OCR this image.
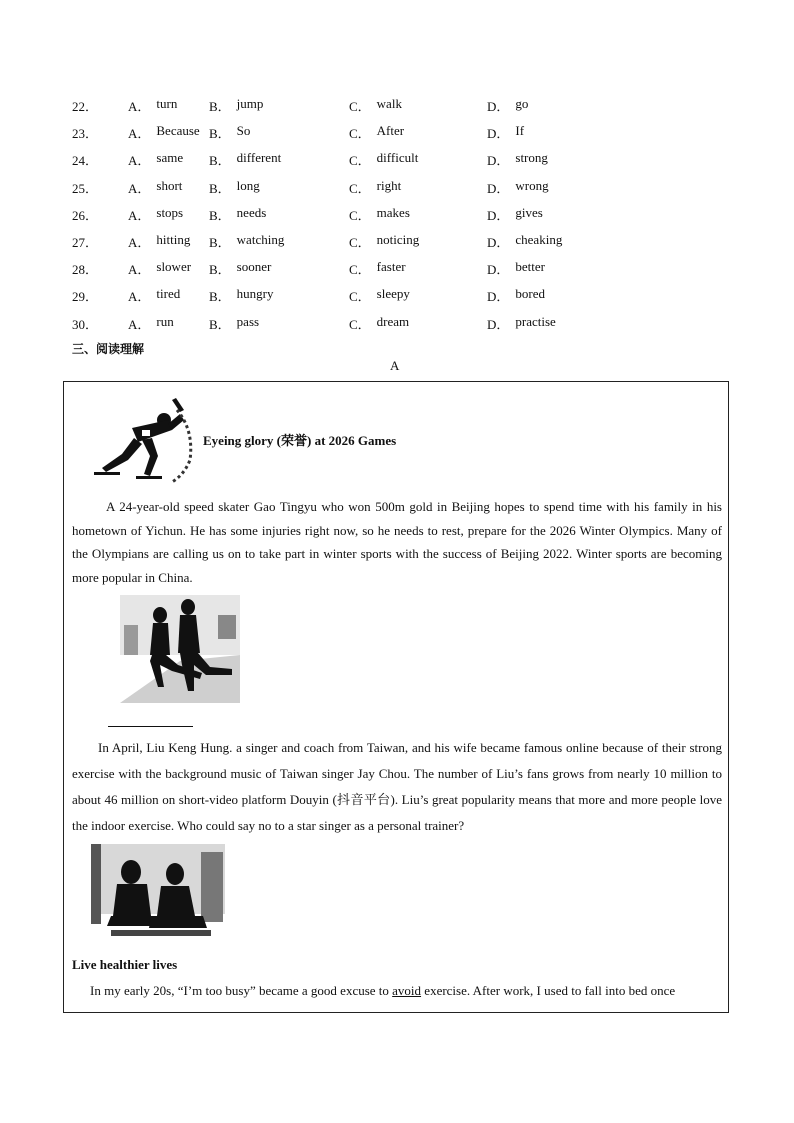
22．	A． turn B． jump	C． walk	D． go
23．	A． Because B． So	C． After	D． If
24．	A． same B． different	C． difficult	D． strong
25．	A． short B． long	C． right	D． wrong
26．	A． stops B． needs	C． makes	D． gives
27．	A． hitting B． watching	C． noticing	D． cheaking
28．	A． slower B． sooner	C． faster	D． better
29．	A． tired B． hungry	C． sleepy	D． bored
30．	A． run	B． pass	C． dream	D． practise
三、阅读理解
A
Eyeing glory (荣誉) at 2026 Games
A 24-year-old speed skater Gao Tingyu who won 500m gold in Beijing hopes to spend time with his family in his hometown of Yichun. He has some injuries right now, so he needs to rest, prepare for the 2026 Winter Olympics. Many of the Olympians are calling us on to take part in winter sports with the success of Beijing 2022. Winter sports are becoming more popular in China.
In April, Liu Keng Hung. a singer and coach from Taiwan, and his wife became famous online because of their strong exercise with the background music of Taiwan singer Jay Chou. The number of Liu’s fans grows from nearly 10 million to about 46 million on short-video platform Douyin (抖音平台). Liu’s great popularity means that more and more people love the indoor exercise. Who could say no to a star singer as a personal trainer?
Live healthier lives
In my early 20s, “I’m too busy” became a good excuse to avoid exercise. After work, I used to fall into bed once
